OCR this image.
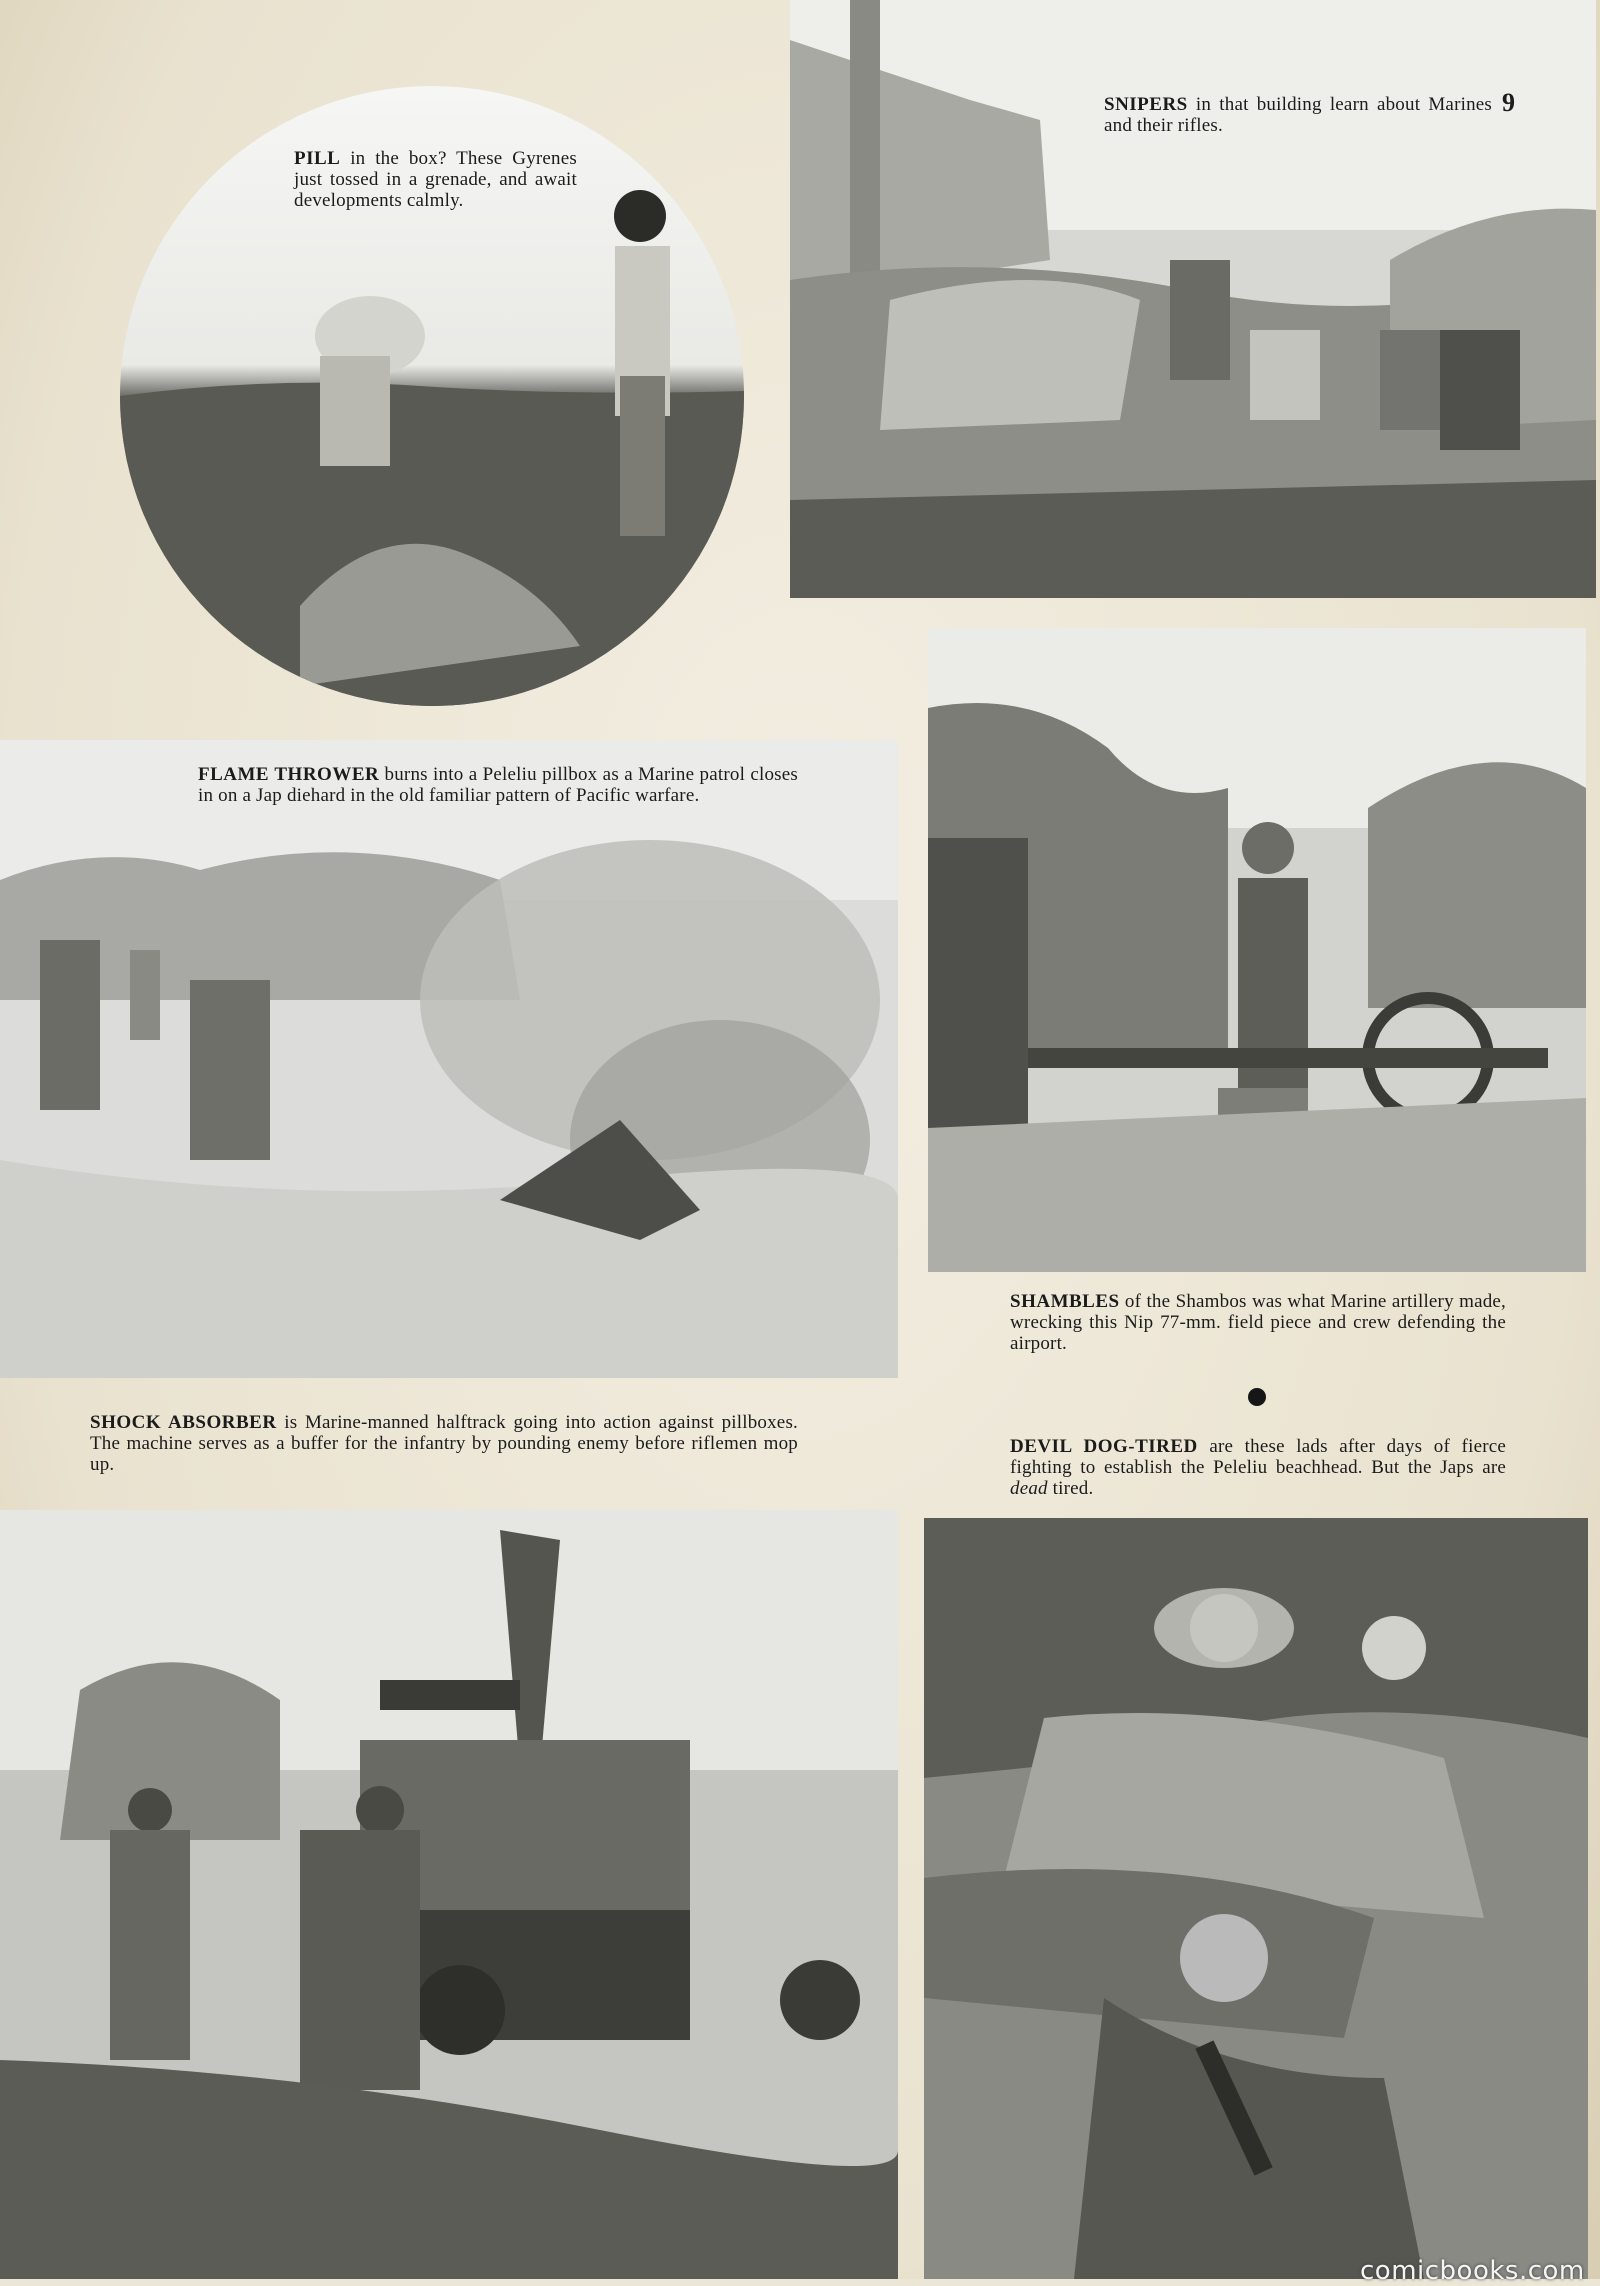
PILL in the box? These Gyrenes just tossed in a grenade, and await developments calmly.
SNIPERS in that building learn about Marines and their rifles.
9
FLAME THROWER burns into a Peleliu pillbox as a Marine patrol closes in on a Jap diehard in the old familiar pattern of Pacific warfare.
SHAMBLES of the Shambos was what Marine artillery made, wrecking this Nip 77-mm. field piece and crew defending the airport.
SHOCK ABSORBER is Marine-manned halftrack going into action against pillboxes. The machine serves as a buffer for the infantry by pounding enemy before riflemen mop up.
DEVIL DOG-TIRED are these lads after days of fierce fighting to establish the Peleliu beachhead. But the Japs are dead tired.
comicbooks.com
